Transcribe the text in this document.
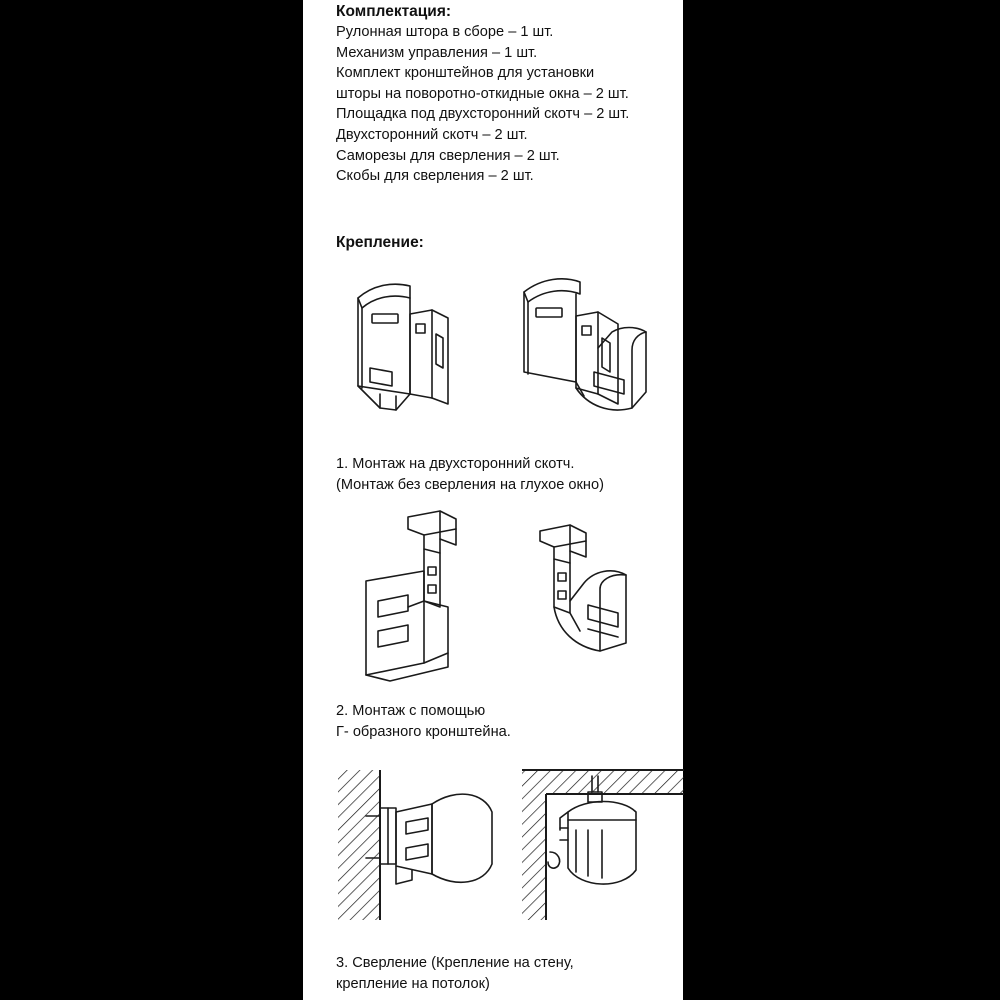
Комплектация:

Рулонная штора в сборе – 1 шт.

Механизм управления – 1 шт.

Комплект кронштейнов для установки

шторы на поворотно-откидные окна – 2 шт.

Площадка под двухсторонний скотч – 2 шт.

Двухсторонний скотч – 2 шт.

Саморезы для сверления – 2 шт.

Скобы для сверления – 2 шт.

Крепление:

1. Монтаж на двухсторонний скотч.

(Монтаж без сверления на глухое окно)

2. Монтаж с помощью

Г- образного кронштейна.

3. Сверление (Крепление на стену,

крепление на потолок)
